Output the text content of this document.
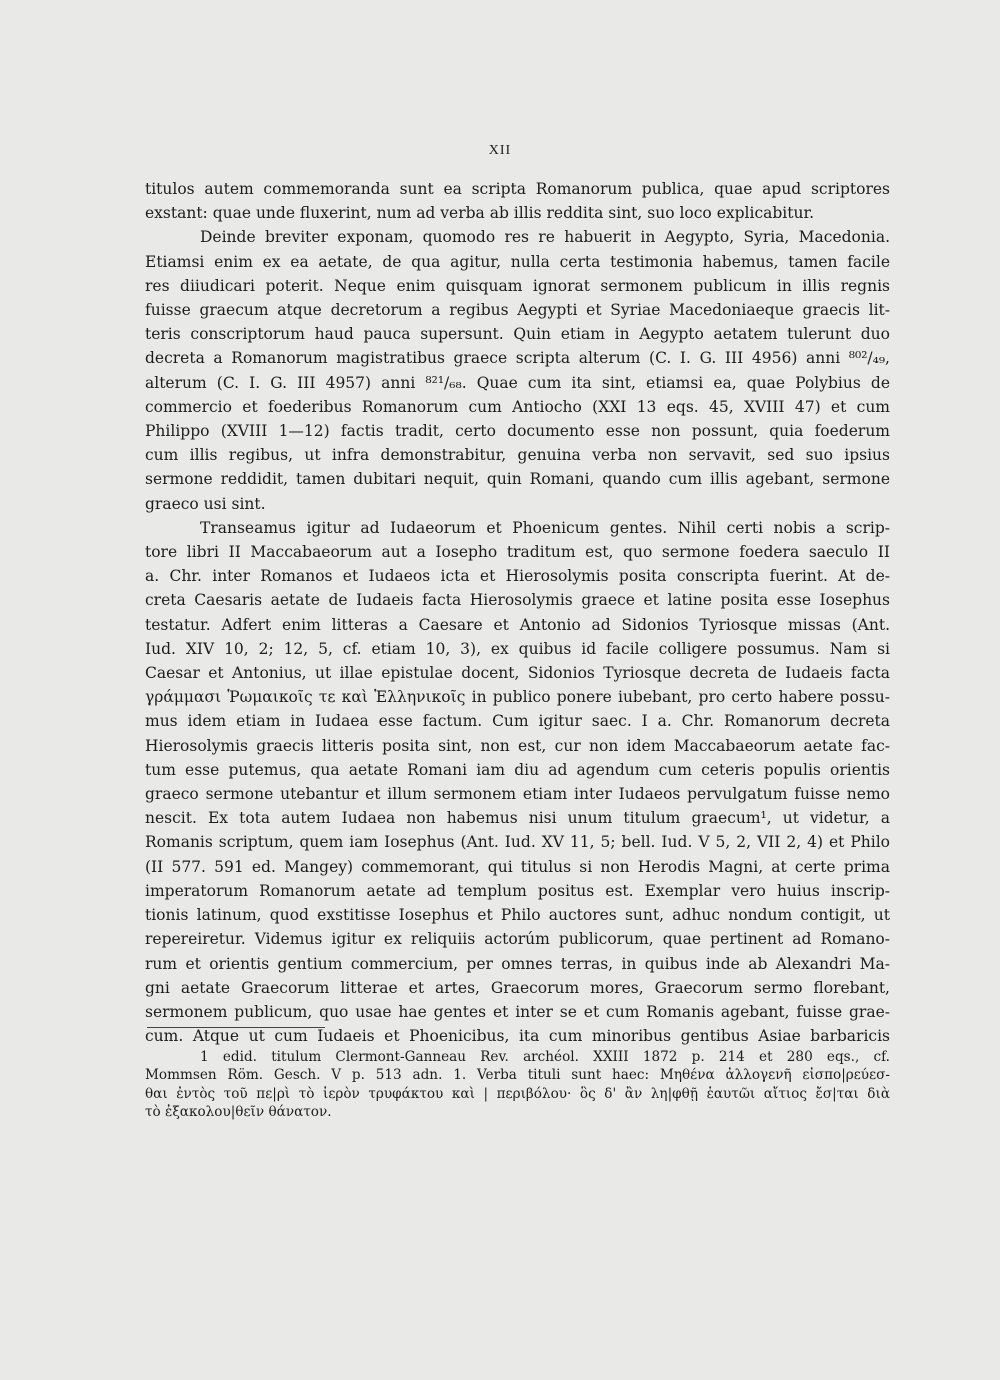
XII
titulos autem commemoranda sunt ea scripta Romanorum publica, quae apud scriptores
exstant: quae unde fluxerint, num ad verba ab illis reddita sint, suo loco explicabitur.
Deinde breviter exponam, quomodo res re habuerit in Aegypto, Syria, Macedonia.
Etiamsi enim ex ea aetate, de qua agitur, nulla certa testimonia habemus, tamen facile
res diiudicari poterit. Neque enim quisquam ignorat sermonem publicum in illis regnis
fuisse graecum atque decretorum a regibus Aegypti et Syriae Macedoniaeque graecis lit-
teris conscriptorum haud pauca supersunt. Quin etiam in Aegypto aetatem tulerunt duo
decreta a Romanorum magistratibus graece scripta alterum (C. I. G. III 4956) anni ⁸⁰²/₄₉,
alterum (C. I. G. III 4957) anni ⁸²¹/₆₈. Quae cum ita sint, etiamsi ea, quae Polybius de
commercio et foederibus Romanorum cum Antiocho (XXI 13 eqs. 45, XVIII 47) et cum
Philippo (XVIII 1—12) factis tradit, certo documento esse non possunt, quia foederum
cum illis regibus, ut infra demonstrabitur, genuina verba non servavit, sed suo ipsius
sermone reddidit, tamen dubitari nequit, quin Romani, quando cum illis agebant, sermone
graeco usi sint.
Transeamus igitur ad Iudaeorum et Phoenicum gentes. Nihil certi nobis a scrip-
tore libri II Maccabaeorum aut a Iosepho traditum est, quo sermone foedera saeculo II
a. Chr. inter Romanos et Iudaeos icta et Hierosolymis posita conscripta fuerint. At de-
creta Caesaris aetate de Iudaeis facta Hierosolymis graece et latine posita esse Iosephus
testatur. Adfert enim litteras a Caesare et Antonio ad Sidonios Tyriosque missas (Ant.
Iud. XIV 10, 2; 12, 5, cf. etiam 10, 3), ex quibus id facile colligere possumus. Nam si
Caesar et Antonius, ut illae epistulae docent, Sidonios Tyriosque decreta de Iudaeis facta
γράμμασι Ῥωμαικοῖς τε καὶ Ἑλληνικοῖς in publico ponere iubebant, pro certo habere possu-
mus idem etiam in Iudaea esse factum. Cum igitur saec. I a. Chr. Romanorum decreta
Hierosolymis graecis litteris posita sint, non est, cur non idem Maccabaeorum aetate fac-
tum esse putemus, qua aetate Romani iam diu ad agendum cum ceteris populis orientis
graeco sermone utebantur et illum sermonem etiam inter Iudaeos pervulgatum fuisse nemo
nescit. Ex tota autem Iudaea non habemus nisi unum titulum graecum¹, ut videtur, a
Romanis scriptum, quem iam Iosephus (Ant. Iud. XV 11, 5; bell. Iud. V 5, 2, VII 2, 4) et Philo
(II 577. 591 ed. Mangey) commemorant, qui titulus si non Herodis Magni, at certe prima
imperatorum Romanorum aetate ad templum positus est. Exemplar vero huius inscrip-
tionis latinum, quod exstitisse Iosephus et Philo auctores sunt, adhuc nondum contigit, ut
repereiretur. Videmus igitur ex reliquiis actorúm publicorum, quae pertinent ad Romano-
rum et orientis gentium commercium, per omnes terras, in quibus inde ab Alexandri Ma-
gni aetate Graecorum litterae et artes, Graecorum mores, Graecorum sermo florebant,
sermonem publicum, quo usae hae gentes et inter se et cum Romanis agebant, fuisse grae-
cum. Atque ut cum Iudaeis et Phoenicibus, ita cum minoribus gentibus Asiae barbaricis
1 edid. titulum Clermont-Ganneau Rev. archéol. XXIII 1872 p. 214 et 280 eqs., cf.
Mommsen Röm. Gesch. V p. 513 adn. 1. Verba tituli sunt haec: Μηθένα ἀλλογενῆ εἰσπο|ρεύεσ-
θαι ἐντὸς τοῦ πε|ρὶ τὸ ἱερὸν τρυφάκτου καὶ | περιβόλου· ὃς δ' ἂν λη|φθῇ ἑαυτῶι αἴτιος ἔσ|ται διὰ
τὸ ἐξακολου|θεῖν θάνατον.
